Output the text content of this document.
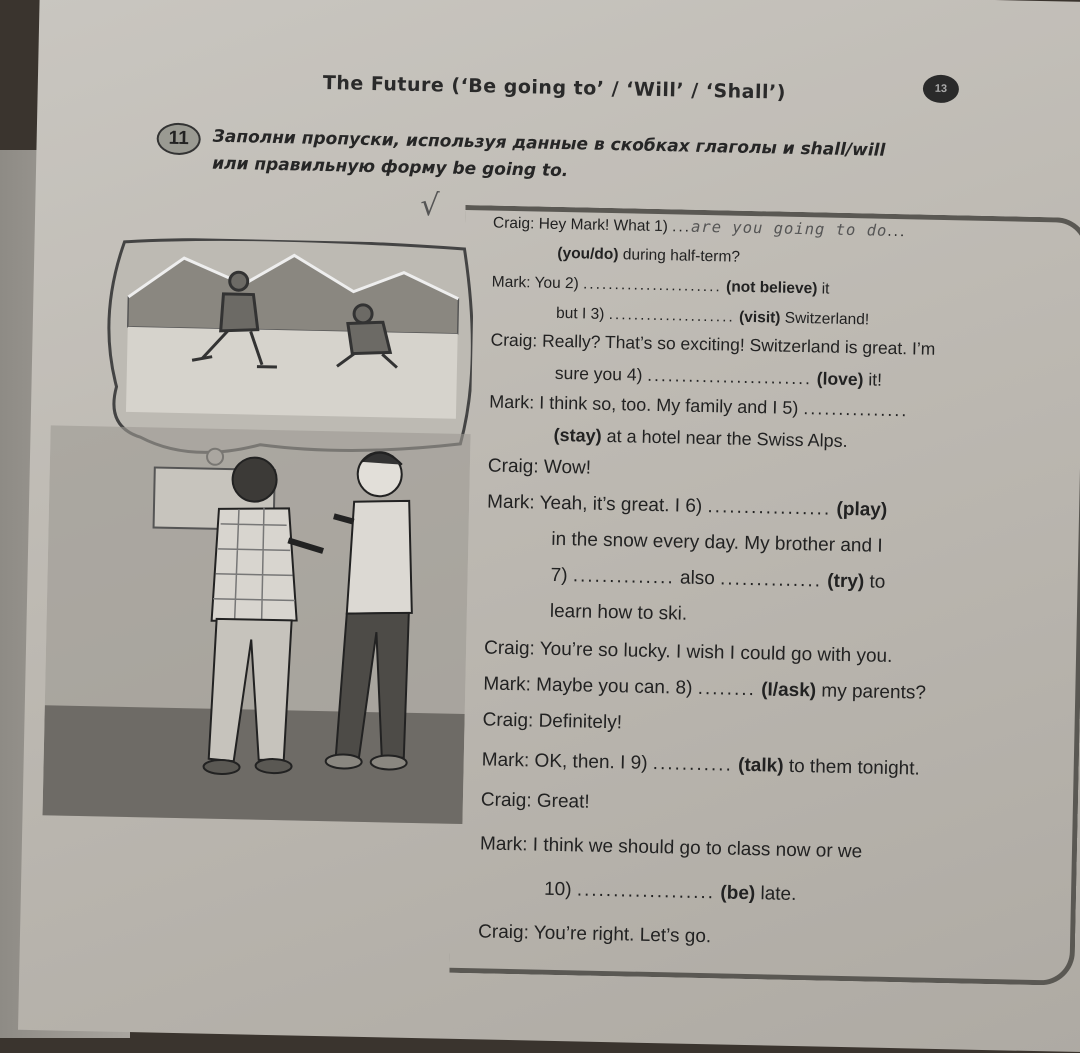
The Future (‘Be going to’ / ‘Will’ / ‘Shall’)	13
11	Заполни пропуски, используя данные в скобках глаголы и shall/will
или правильную форму be going to.
√
Craig: Hey Mark! What 1) ...are you going to do...
(you/do) during half-term?
Mark: You 2) ...................... (not believe) it
but I 3) .................... (visit) Switzerland!
Craig: Really? That’s so exciting! Switzerland is great. I’m
sure you 4) ........................ (love) it!
Mark: I think so, too. My family and I 5) ...............
(stay) at a hotel near the Swiss Alps.
Craig: Wow!
Mark: Yeah, it’s great. I 6) ................. (play)
in the snow every day. My brother and I
7) .............. also .............. (try) to
learn how to ski.
Craig: You’re so lucky. I wish I could go with you.
Mark: Maybe you can. 8) ........ (I/ask) my parents?
Craig: Definitely!
Mark: OK, then. I 9) ........... (talk) to them tonight.
Craig: Great!
Mark: I think we should go to class now or we
10) ................... (be) late.
Craig: You’re right. Let’s go.
